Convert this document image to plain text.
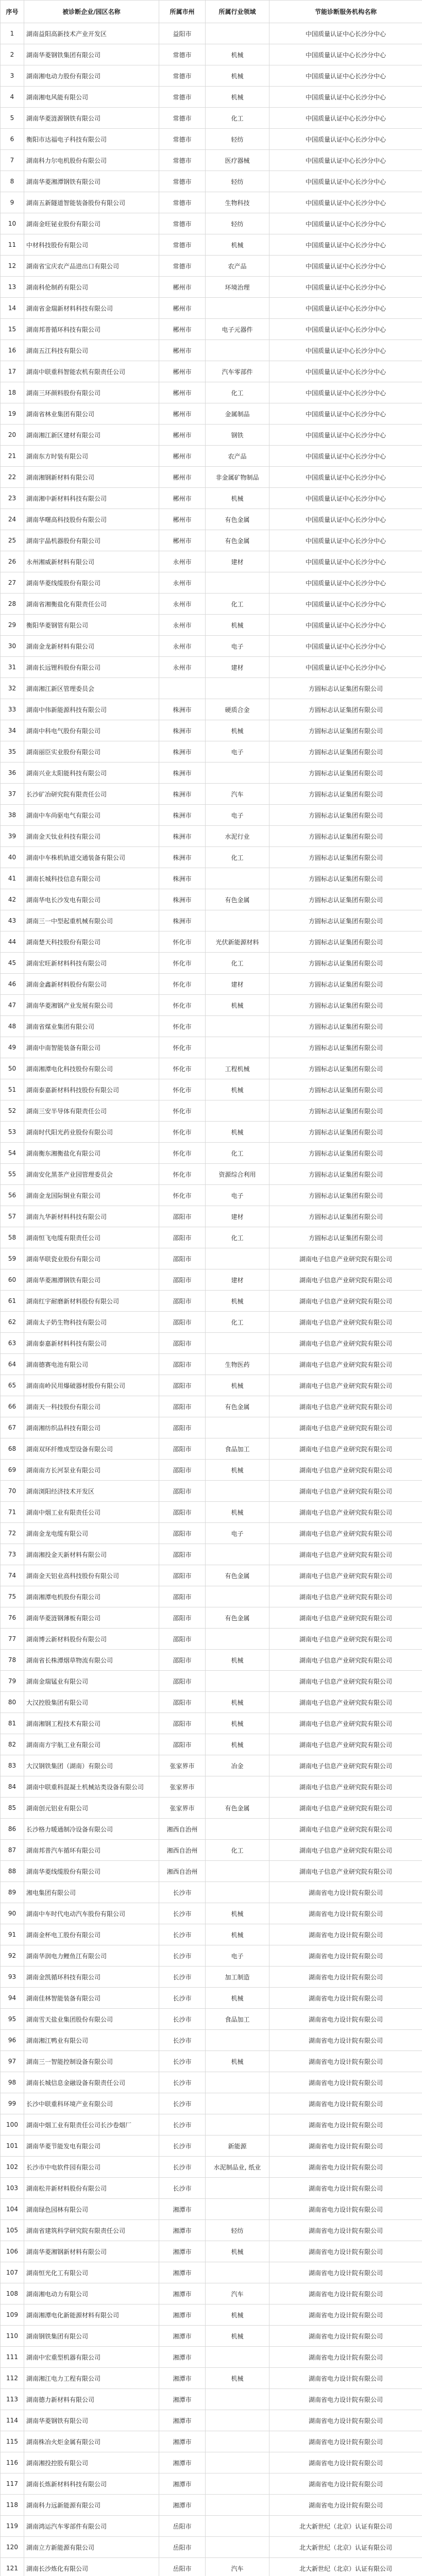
序号	被诊断企业/园区名称	所属市州	所属行业领域	节能诊断服务机构名称
1	湖南益阳高新技术产业开发区	益阳市		中国质量认证中心长沙分中心
2	湖南华菱钢铁集团有限公司	常德市	机械	中国质量认证中心长沙分中心
3	湖南湘电动力股份有限公司	常德市	机械	中国质量认证中心长沙分中心
4	湖南湘电风能有限公司	常德市	机械	中国质量认证中心长沙分中心
5	湖南华菱涟源钢铁有限公司	常德市	化工	中国质量认证中心长沙分中心
6	衡阳市达福电子科技有限公司	常德市	轻纺	中国质量认证中心长沙分中心
7	湖南科力尔电机股份有限公司	常德市	医疗器械	中国质量认证中心长沙分中心
8	湖南华菱湘潭钢铁有限公司	常德市	轻纺	中国质量认证中心长沙分中心
9	湖南五新隧道智能装备股份有限公司	常德市	生物科技	中国质量认证中心长沙分中心
10	湖南金旺铋业股份有限公司	常德市	轻纺	中国质量认证中心长沙分中心
11	中材科技股份有限公司	常德市	机械	中国质量认证中心长沙分中心
12	湖南省宝庆农产品进出口有限公司	常德市	农产品	中国质量认证中心长沙分中心
13	湖南科伦制药有限公司	郴州市	环境治理	中国质量认证中心长沙分中心
14	湖南省金瑞新材料科技有限公司	郴州市		中国质量认证中心长沙分中心
15	湖南邦普循环科技有限公司	郴州市	电子元器件	中国质量认证中心长沙分中心
16	湖南五江科技有限公司	郴州市		中国质量认证中心长沙分中心
17	湖南中联重科智能农机有限责任公司	郴州市	汽车零部件	中国质量认证中心长沙分中心
18	湖南三环颜料股份有限公司	郴州市	化工	中国质量认证中心长沙分中心
19	湖南省林业集团有限公司	郴州市	金属制品	中国质量认证中心长沙分中心
20	湖南湘江新区建材有限公司	郴州市	钢铁	中国质量认证中心长沙分中心
21	湖南东方时装有限公司	郴州市	农产品	中国质量认证中心长沙分中心
22	湖南湘钢新材料有限公司	郴州市	非金属矿物制品	中国质量认证中心长沙分中心
23	湖南湘中新材料科技有限公司	郴州市	机械	中国质量认证中心长沙分中心
24	湖南华曙高科技股份有限公司	郴州市	有色金属	中国质量认证中心长沙分中心
25	湖南宇晶机器股份有限公司	郴州市	有色金属	中国质量认证中心长沙分中心
26	永州湘威新材料有限公司	永州市	建材	中国质量认证中心长沙分中心
27	湖南华菱线缆股份有限公司	永州市		中国质量认证中心长沙分中心
28	湖南省湘衡盐化有限责任公司	永州市	化工	中国质量认证中心长沙分中心
29	衡阳华菱钢管有限公司	永州市	机械	中国质量认证中心长沙分中心
30	湖南金龙新材料有限公司	永州市	电子	中国质量认证中心长沙分中心
31	湖南长远锂科股份有限公司	永州市	建材	中国质量认证中心长沙分中心
32	湖南湘江新区管理委员会			方圆标志认证集团有限公司
33	湖南中伟新能源科技有限公司	株洲市	硬质合金	方圆标志认证集团有限公司
34	湖南中科电气股份有限公司	株洲市	机械	方圆标志认证集团有限公司
35	湖南丽臣实业股份有限公司	株洲市	电子	方圆标志认证集团有限公司
36	湖南兴业太阳能科技有限公司	株洲市		方圆标志认证集团有限公司
37	长沙矿冶研究院有限责任公司	株洲市	汽车	方圆标志认证集团有限公司
38	湖南中车尚驱电气有限公司	株洲市	电子	方圆标志认证集团有限公司
39	湖南金天钛业科技有限公司	株洲市	水泥行业	方圆标志认证集团有限公司
40	湖南中车株机轨道交通装备有限公司	株洲市	化工	方圆标志认证集团有限公司
41	湖南长城科技信息有限公司	株洲市		方圆标志认证集团有限公司
42	湖南华电长沙发电有限公司	株洲市	有色金属	方圆标志认证集团有限公司
43	湖南三一中型起重机械有限公司	株洲市		方圆标志认证集团有限公司
44	湖南楚天科技股份有限公司	怀化市	光伏新能源材料	方圆标志认证集团有限公司
45	湖南宏旺新材料科技有限公司	怀化市	化工	方圆标志认证集团有限公司
46	湖南金鑫新材料股份有限公司	怀化市	建材	方圆标志认证集团有限公司
47	湖南华菱湘钢产业发展有限公司	怀化市	机械	方圆标志认证集团有限公司
48	湖南省煤业集团有限公司	怀化市		方圆标志认证集团有限公司
49	湖南中南智能装备有限公司	怀化市		方圆标志认证集团有限公司
50	湖南湘潭电化科技股份有限公司	怀化市	工程机械	方圆标志认证集团有限公司
51	湖南泰嘉新材料科技股份有限公司	怀化市	机械	方圆标志认证集团有限公司
52	湖南三安半导体有限责任公司	怀化市		方圆标志认证集团有限公司
53	湖南时代阳光药业股份有限公司	怀化市	机械	方圆标志认证集团有限公司
54	湖南衡东湘衡盐化有限公司	怀化市	化工	方圆标志认证集团有限公司
55	湖南安化黑茶产业园管理委员会	怀化市	资源综合利用	方圆标志认证集团有限公司
56	湖南金龙国际铜业有限公司	怀化市	电子	方圆标志认证集团有限公司
57	湖南九华新材料科技有限公司	邵阳市	建材	方圆标志认证集团有限公司
58	湖南恒飞电缆有限责任公司	邵阳市	化工	方圆标志认证集团有限公司
59	湖南华联瓷业股份有限公司	邵阳市		湖南电子信息产业研究院有限公司
60	湖南华菱湘潭钢铁有限公司	邵阳市	建材	湖南电子信息产业研究院有限公司
61	湖南红宇耐磨新材料股份有限公司	邵阳市	机械	湖南电子信息产业研究院有限公司
62	湖南太子奶生物科技有限公司	邵阳市	化工	湖南电子信息产业研究院有限公司
63	湖南泰嘉新材料科技有限公司	邵阳市		湖南电子信息产业研究院有限公司
64	湖南德赛电池有限公司	邵阳市	生物医药	湖南电子信息产业研究院有限公司
65	湖南南岭民用爆破器材股份有限公司	邵阳市	机械	湖南电子信息产业研究院有限公司
66	湖南天一科技股份有限公司	邵阳市	有色金属	湖南电子信息产业研究院有限公司
67	湖南湘纺织品科技有限公司	邵阳市		湖南电子信息产业研究院有限公司
68	湖南双环纤维成型设备有限公司	邵阳市	食品加工	湖南电子信息产业研究院有限公司
69	湖南南方长河泵业有限公司	邵阳市	机械	湖南电子信息产业研究院有限公司
70	湖南浏阳经济技术开发区	邵阳市		湖南电子信息产业研究院有限公司
71	湖南中烟工业有限责任公司	邵阳市	机械	湖南电子信息产业研究院有限公司
72	湖南金龙电缆有限公司	邵阳市	电子	湖南电子信息产业研究院有限公司
73	湖南湘投金天新材料有限公司	邵阳市		湖南电子信息产业研究院有限公司
74	湖南金天铝业高科技股份有限公司	邵阳市	有色金属	湖南电子信息产业研究院有限公司
75	湖南湘潭电机股份有限公司	邵阳市		湖南电子信息产业研究院有限公司
76	湖南华菱涟钢薄板有限公司	邵阳市	有色金属	湖南电子信息产业研究院有限公司
77	湖南博云新材料股份有限公司	邵阳市		湖南电子信息产业研究院有限公司
78	湖南省长株潭烟草物流有限公司	邵阳市	机械	湖南电子信息产业研究院有限公司
79	湖南金瑞锰业有限公司	邵阳市		湖南电子信息产业研究院有限公司
80	大汉控股集团有限公司	邵阳市	机械	湖南电子信息产业研究院有限公司
81	湖南湘钢工程技术有限公司	邵阳市	机械	湖南电子信息产业研究院有限公司
82	湖南南方宇航工业有限公司	邵阳市	机械	湖南电子信息产业研究院有限公司
83	大汉钢铁集团（湖南）有限公司	张家界市	冶金	湖南电子信息产业研究院有限公司
84	湖南中联重科混凝土机械站类设备有限公司	张家界市		湖南电子信息产业研究院有限公司
85	湖南创元铝业有限公司	张家界市	有色金属	湖南电子信息产业研究院有限公司
86	长沙格力暖通制冷设备有限公司	湘西自治州		湖南电子信息产业研究院有限公司
87	湖南邦普汽车循环有限公司	湘西自治州	化工	湖南电子信息产业研究院有限公司
88	湖南华菱线缆股份有限公司	湘西自治州		湖南电子信息产业研究院有限公司
89	湘电集团有限公司	长沙市		湖南省电力设计院有限公司
90	湖南中车时代电动汽车股份有限公司	长沙市	机械	湖南省电力设计院有限公司
91	湖南金杯电工股份有限公司	长沙市	机械	湖南省电力设计院有限公司
92	湖南华润电力鲤鱼江有限公司	长沙市	电子	湖南省电力设计院有限公司
93	湖南金凯循环科技有限公司	长沙市	加工制造	湖南省电力设计院有限公司
94	湖南佳林智能装备有限公司	长沙市	机械	湖南省电力设计院有限公司
95	湖南雪天盐业集团股份有限公司	长沙市	食品加工	湖南省电力设计院有限公司
96	湖南湘江鸭业有限公司	长沙市		湖南省电力设计院有限公司
97	湖南三一智能控制设备有限公司	长沙市	机械	湖南省电力设计院有限公司
98	湖南长城信息金融设备有限责任公司	长沙市		湖南省电力设计院有限公司
99	长沙中联重科环境产业有限公司	长沙市		湖南省电力设计院有限公司
100	湖南中烟工业有限责任公司长沙卷烟厂	长沙市		湖南省电力设计院有限公司
101	湖南华菱节能发电有限公司	长沙市	新能源	湖南省电力设计院有限公司
102	长沙市中电软件园有限公司	长沙市	水泥制品业, 纸业	湖南省电力设计院有限公司
103	湖南松井新材料股份有限公司	长沙市		湖南省电力设计院有限公司
104	湖南绿色园林有限公司	湘潭市		湖南省电力设计院有限公司
105	湖南省建筑科学研究院有限责任公司	湘潭市	轻纺	湖南省电力设计院有限公司
106	湖南华菱湘钢新材料有限公司	湘潭市	机械	湖南省电力设计院有限公司
107	湖南恒光化工有限公司	湘潭市		湖南省电力设计院有限公司
108	湖南湘电动力有限公司	湘潭市	汽车	湖南省电力设计院有限公司
109	湖南湘潭电化新能源材料有限公司	湘潭市	机械	湖南省电力设计院有限公司
110	湖南钢铁集团有限公司	湘潭市	机械	湖南省电力设计院有限公司
111	湖南中宏重型机器有限公司	湘潭市		湖南省电力设计院有限公司
112	湖南湘江电力工程有限公司	湘潭市	机械	湖南省电力设计院有限公司
113	湖南德力新材料有限公司	湘潭市		湖南省电力设计院有限公司
114	湖南华菱钢铁有限公司	湘潭市		湖南省电力设计院有限公司
115	湖南株冶火炬金属有限公司	湘潭市		湖南省电力设计院有限公司
116	湖南湘投控股有限公司	湘潭市		湖南省电力设计院有限公司
117	湖南长炼新材料科技有限公司	湘潭市		湖南省电力设计院有限公司
118	湖南科力远新能源有限公司	湘潭市		湖南省电力设计院有限公司
119	湖南鸿运汽车零部件有限公司	岳阳市		北大新世纪（北京）认证有限公司
120	湖南立方新能源有限公司	岳阳市		北大新世纪（北京）认证有限公司
121	湖南长沙炼化有限公司	岳阳市	汽车	北大新世纪（北京）认证有限公司
